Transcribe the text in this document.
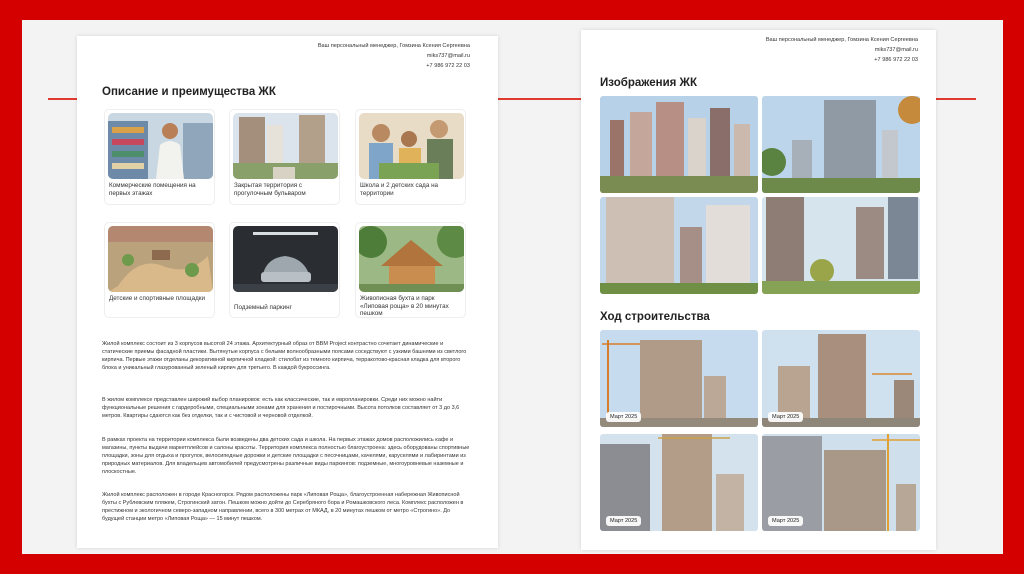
Ваш персональный менеджер, Гомзина Ксения Сергеевна
miks737@mail.ru
+7 986 972 22 03
Описание и преимущества ЖК
Коммерческие помещения на первых этажах
Закрытая территория с прогулочным бульваром
Школа и 2 детских сада на территории
Детские и спортивные площадки
Подземный паркинг
Живописная бухта и парк «Липовая роща» в 20 минутах пешком
Жилой комплекс состоит из 3 корпусов высотой 24 этажа. Архитектурный образ от BBM Project контрастно сочетает динамические и статические приемы фасадной пластики. Вытянутые корпуса с белыми волнообразными поясами соседствуют с узкими башнями из светлого кирпича. Первые этажи отделаны декоративной кирпичной кладкой: стилобат из темного кирпича, терракотово-красная кладка для второго блока и уникальный глазурованный зеленый кирпич для третьего. В каждой букросcинга.
В жилом комплексе представлен широкий выбор планировок: есть как классические, так и европланировки. Среди них можно найти функциональные решения с гардеробными, специальными зонами для хранения и постирочными. Высота потолков составляет от 3 до 3,6 метров. Квартиры сдаются как без отделки, так и с чистовой и черновой отделкой.
В рамках проекта на территории комплекса были возведены два детских сада и школа. На первых этажах домов расположились кафе и магазины, пункты выдачи маркетплейсов и салоны красоты. Территория комплекса полностью благоустроена: здесь оборудованы спортивные площадки, зоны для отдыха и прогулок, велосипедные дорожки и детские площадки с песочницами, качелями, каруселями и лабиринтами из природных материалов. Для владельцев автомобилей предусмотрены различные виды паркингов: подземные, многоуровневые наземные и плоскостные.
Жилой комплекс расположен в городе Красногорск. Рядом расположены парк «Липовая Роща», благоустроенная набережная Живописной бухты с Рублевским пляжем, Строгинский затон. Пешком можно дойти до Серебряного бора и Ромашковского леса. Комплекс расположен в престижном и экологичном северо-западном направлении, всего в 300 метрах от МКАД, в 20 минутах пешком от метро «Строгино». До будущей станции метро «Липовая Роща» — 15 минут пешком.
Ваш персональный менеджер, Гомзина Ксения Сергеевна
miks737@mail.ru
+7 986 972 22 03
Изображения ЖК
Ход строительства
Март 2025	Март 2025
Март 2025	Март 2025
